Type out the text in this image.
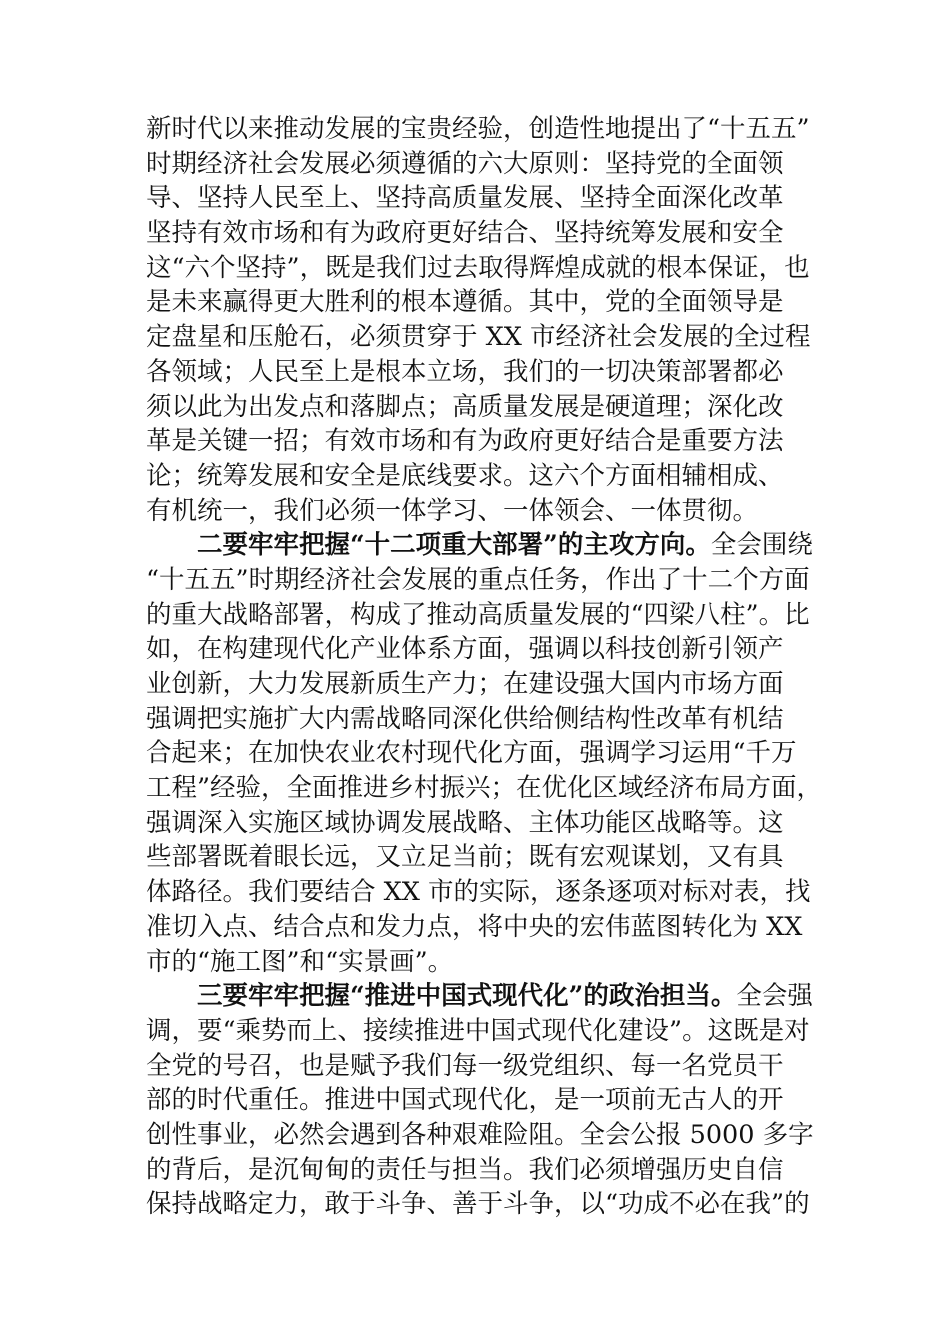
新时代以来推动发展的宝贵经验，创造性地提出了“十五五”
时期经济社会发展必须遵循的六大原则：坚持党的全面领
导、坚持人民至上、坚持高质量发展、坚持全面深化改革
坚持有效市场和有为政府更好结合、坚持统筹发展和安全
这“六个坚持”，既是我们过去取得辉煌成就的根本保证，也
是未来赢得更大胜利的根本遵循。其中，党的全面领导是
定盘星和压舱石，必须贯穿于 XX 市经济社会发展的全过程
各领域；人民至上是根本立场，我们的一切决策部署都必
须以此为出发点和落脚点；高质量发展是硬道理；深化改
革是关键一招；有效市场和有为政府更好结合是重要方法
论；统筹发展和安全是底线要求。这六个方面相辅相成、
有机统一，我们必须一体学习、一体领会、一体贯彻。
二要牢牢把握“十二项重大部署”的主攻方向。全会围绕
“十五五”时期经济社会发展的重点任务，作出了十二个方面
的重大战略部署，构成了推动高质量发展的“四梁八柱”。比
如，在构建现代化产业体系方面，强调以科技创新引领产
业创新，大力发展新质生产力；在建设强大国内市场方面
强调把实施扩大内需战略同深化供给侧结构性改革有机结
合起来；在加快农业农村现代化方面，强调学习运用“千万
工程”经验，全面推进乡村振兴；在优化区域经济布局方面，
强调深入实施区域协调发展战略、主体功能区战略等。这
些部署既着眼长远，又立足当前；既有宏观谋划，又有具
体路径。我们要结合 XX 市的实际，逐条逐项对标对表，找
准切入点、结合点和发力点，将中央的宏伟蓝图转化为 XX
市的“施工图”和“实景画”。
三要牢牢把握“推进中国式现代化”的政治担当。全会强
调，要“乘势而上、接续推进中国式现代化建设”。这既是对
全党的号召，也是赋予我们每一级党组织、每一名党员干
部的时代重任。推进中国式现代化，是一项前无古人的开
创性事业，必然会遇到各种艰难险阻。全会公报 5000 多字
的背后，是沉甸甸的责任与担当。我们必须增强历史自信
保持战略定力，敢于斗争、善于斗争，以“功成不必在我”的
